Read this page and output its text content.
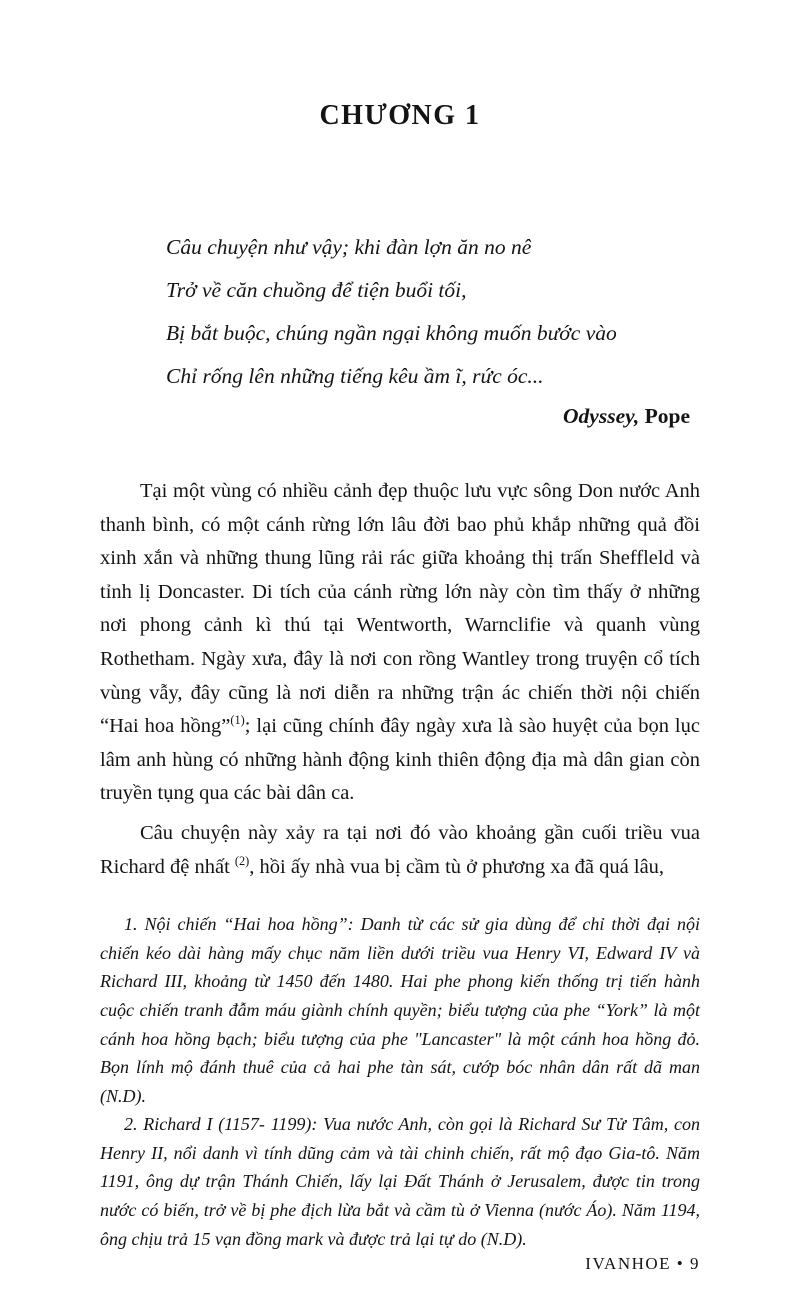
CHƯƠNG 1
Câu chuyện như vậy; khi đàn lợn ăn no nê
Trở về căn chuồng để tiện buổi tối,
Bị bắt buộc, chúng ngần ngại không muốn bước vào
Chỉ rống lên những tiếng kêu ầm ĩ, rức óc...
Odyssey, Pope

Tại một vùng có nhiều cảnh đẹp thuộc lưu vực sông Don nước Anh thanh bình, có một cánh rừng lớn lâu đời bao phủ khắp những quả đồi xinh xắn và những thung lũng rải rác giữa khoảng thị trấn Sheffleld và tỉnh lị Doncaster. Di tích của cánh rừng lớn này còn tìm thấy ở những nơi phong cảnh kì thú tại Wentworth, Warnclifie và quanh vùng Rothetham. Ngày xưa, đây là nơi con rồng Wantley trong truyện cổ tích vùng vẫy, đây cũng là nơi diễn ra những trận ác chiến thời nội chiến “Hai hoa hồng”$^{(1)}$; lại cũng chính đây ngày xưa là sào huyệt của bọn lục lâm anh hùng có những hành động kinh thiên động địa mà dân gian còn truyền tụng qua các bài dân ca.

Câu chuyện này xảy ra tại nơi đó vào khoảng gần cuối triều vua Richard đệ nhất $^{(2)}$, hồi ấy nhà vua bị cầm tù ở phương xa đã quá lâu,

1. Nội chiến “Hai hoa hồng”: Danh từ các sử gia dùng để chỉ thời đại nội chiến kéo dài hàng mấy chục năm liền dưới triều vua Henry VI, Edward IV và Richard III, khoảng từ 1450 đến 1480. Hai phe phong kiến thống trị tiến hành cuộc chiến tranh đẫm máu giành chính quyền; biểu tượng của phe “York” là một cánh hoa hồng bạch; biểu tượng của phe "Lancaster" là một cánh hoa hồng đỏ. Bọn lính mộ đánh thuê của cả hai phe tàn sát, cướp bóc nhân dân rất dã man (N.D).

2. Richard I (1157- 1199): Vua nước Anh, còn gọi là Richard Sư Tử Tâm, con Henry II, nổi danh vì tính dũng cảm và tài chinh chiến, rất mộ đạo Gia-tô. Năm 1191, ông dự trận Thánh Chiến, lấy lại Đất Thánh ở Jerusalem, được tin trong nước có biến, trở về bị phe địch lừa bắt và cầm tù ở Vienna (nước Áo). Năm 1194, ông chịu trả 15 vạn đồng mark và được trả lại tự do (N.D).

IVANHOE • 9
